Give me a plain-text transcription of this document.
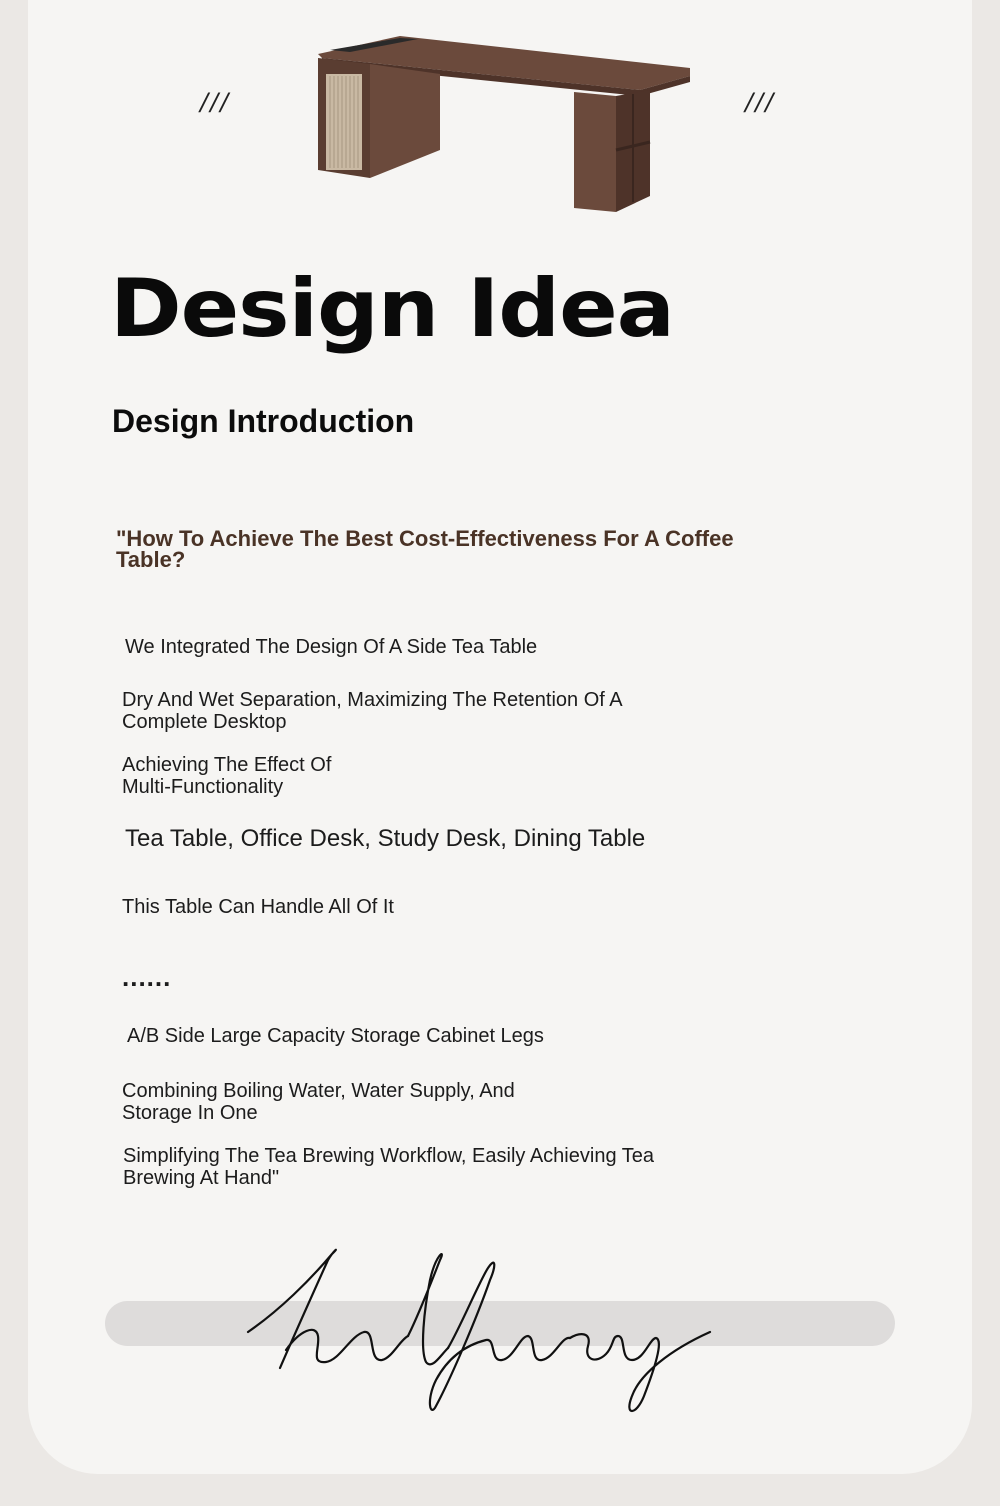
///	///
Design Idea
Design Introduction
"How To Achieve The Best Cost-Effectiveness For A Coffee Table?
We Integrated The Design Of A Side Tea Table
Dry And Wet Separation, Maximizing The Retention Of A Complete Desktop
Achieving The Effect Of Multi-Functionality
Tea Table, Office Desk, Study Desk, Dining Table
This Table Can Handle All Of It
......
A/B Side Large Capacity Storage Cabinet Legs
Combining Boiling Water, Water Supply, And Storage In One
Simplifying The Tea Brewing Workflow, Easily Achieving Tea Brewing At Hand"
